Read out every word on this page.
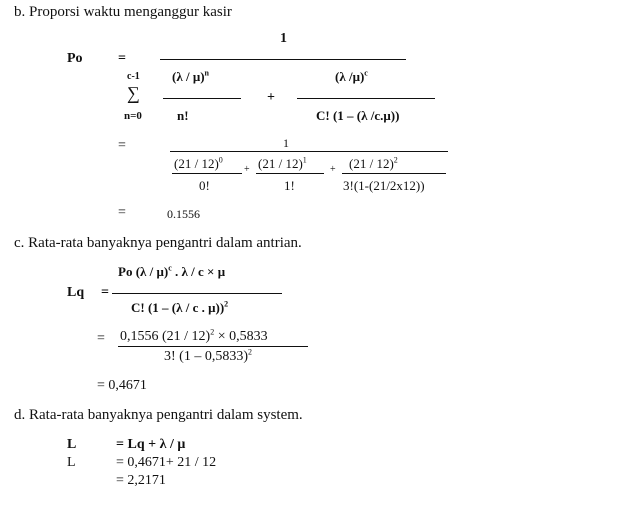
b. Proporsi waktu menganggur kasir
Po	=
1
c-1
∑
n=0
(λ / μ)$^n$
n!
+
(λ /μ)$^c$
C! (1 – (λ /c.μ))
=	1
(21 / 12)$^0$
0!
+ (21 / 12)$^1$
1!
+ (21 / 12)$^2$
3!(1-(21/2x12))
=	0.1556
c. Rata-rata banyaknya pengantri dalam antrian.
Po (λ / μ)$^c$ . λ / c × μ
Lq =
C! (1 – (λ / c . μ))$^2$
= 0,1556 (21 / 12)$^2$ × 0,5833
3! (1 – 0,5833)$^2$
= 0,4671
d. Rata-rata banyaknya pengantri dalam system.
L	= Lq + λ / μ
L	= 0,4671+ 21 / 12
= 2,2171
